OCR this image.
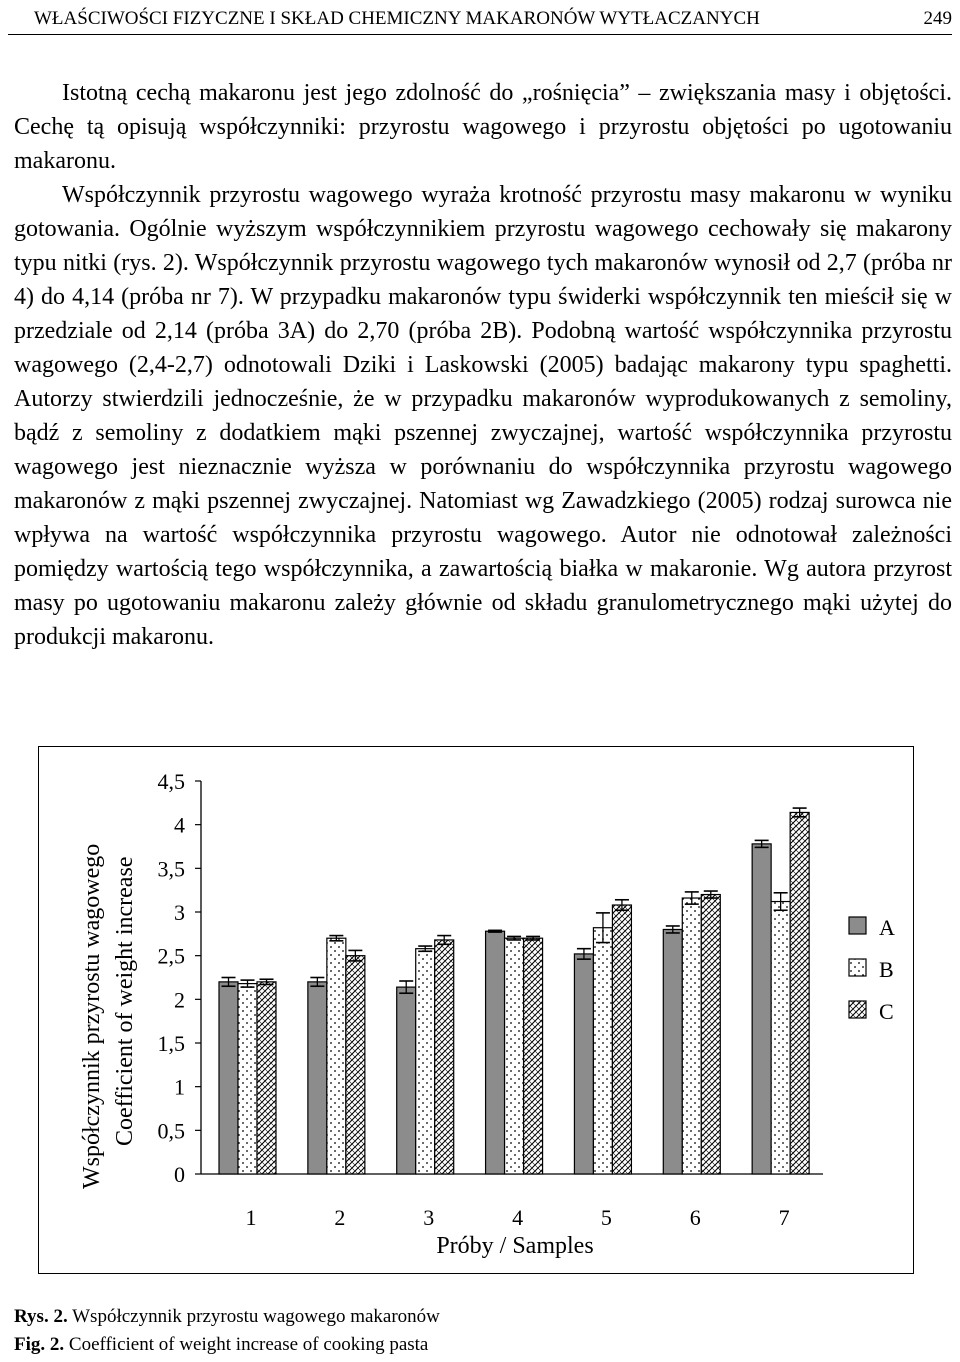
WŁAŚCIWOŚCI FIZYCZNE I SKŁAD CHEMICZNY MAKARONÓW WYTŁACZANYCH	249

Istotną cechą makaronu jest jego zdolność do „rośnięcia” – zwiększania masy i objętości. Cechę tą opisują współczynniki: przyrostu wagowego i przyrostu objętości po ugotowaniu makaronu.

Współczynnik przyrostu wagowego wyraża krotność przyrostu masy makaronu w wyniku gotowania. Ogólnie wyższym współczynnikiem przyrostu wagowego cechowały się makarony typu nitki (rys. 2). Współczynnik przyrostu wagowego tych makaronów wynosił od 2,7 (próba nr 4) do 4,14 (próba nr 7). W przypadku makaronów typu świderki współczynnik ten mieścił się w przedziale od 2,14 (próba 3A) do 2,70 (próba 2B). Podobną wartość współczynnika przyrostu wagowego (2,4-2,7) odnotowali Dziki i Laskowski (2005) badając makarony typu spaghetti. Autorzy stwierdzili jednocześnie, że w przypadku makaronów wyprodukowanych z semoliny, bądź z semoliny z dodatkiem mąki pszennej zwyczajnej, wartość współczynnika przyrostu wagowego jest nieznacznie wyższa w porównaniu do współczynnika przyrostu wagowego makaronów z mąki pszennej zwyczajnej. Natomiast wg Zawadzkiego (2005) rodzaj surowca nie wpływa na wartość współczynnika przyrostu wagowego. Autor nie odnotował zależności pomiędzy wartością tego współczynnika, a zawartością białka w makaronie. Wg autora przyrost masy po ugotowaniu makaronu zależy głównie od składu granulometrycznego mąki użytej do produkcji makaronu.

0
0,5
1
1,5
2
2,5
3
3,5
4
4,5
1	2	3	4	5	6	7
Współczynnik przyrostu wagowego Coefficient of weight increase
Próby / Samples
A
B
C
Rys. 2. Współczynnik przyrostu wagowego makaronów
Fig. 2. Coefficient of weight increase of cooking pasta
